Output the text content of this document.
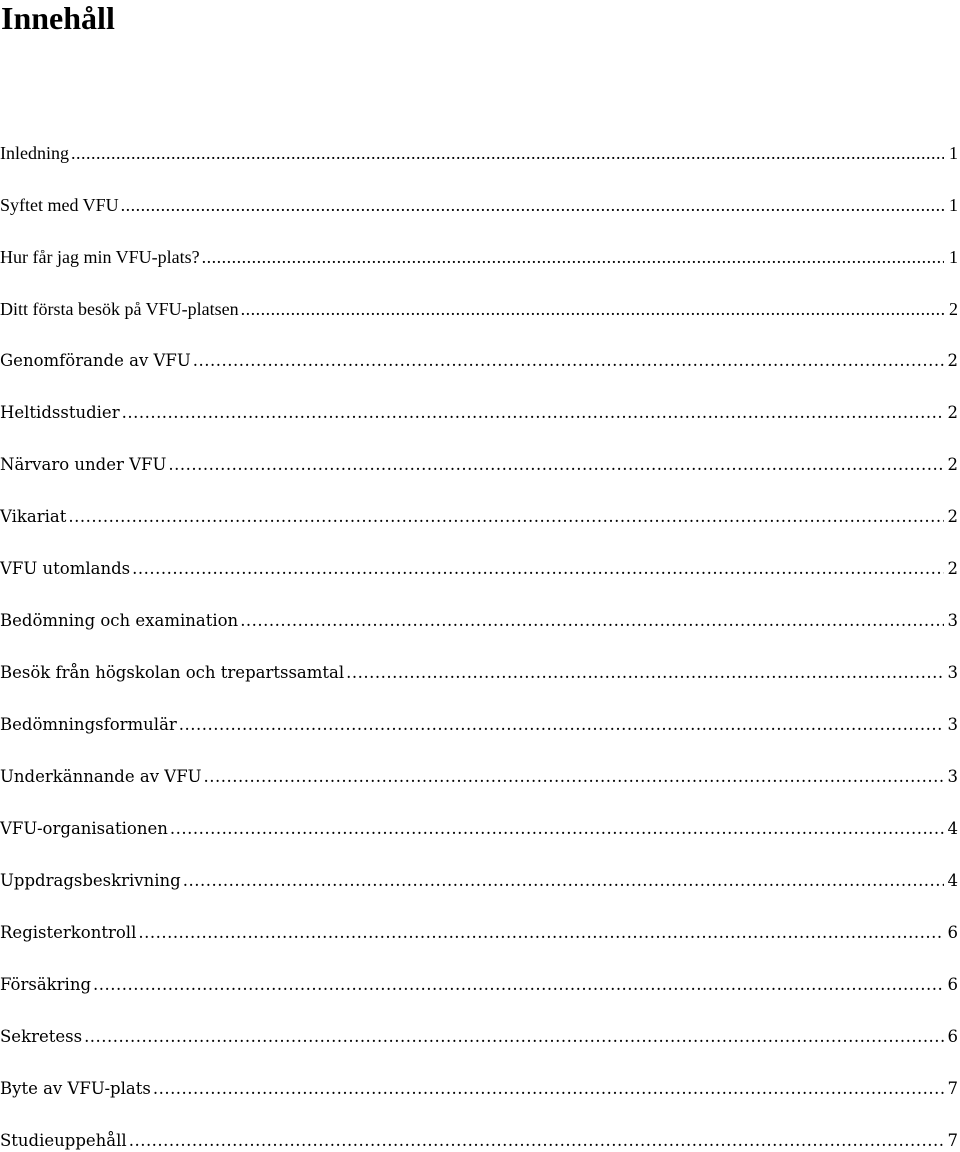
Innehåll
Inledning .....	1
Syftet med VFU .....	1
Hur får jag min VFU-plats? .....	1
Ditt första besök på VFU-platsen .....	2
Genomförande av VFU .....	2
Heltidsstudier .....	2
Närvaro under VFU .....	2
Vikariat .....	2
VFU utomlands .....	2
Bedömning och examination .....	3
Besök från högskolan och trepartssamtal .....	3
Bedömningsformulär .....	3
Underkännande av VFU .....	3
VFU-organisationen .....	4
Uppdragsbeskrivning .....	4
Registerkontroll .....	6
Försäkring .....	6
Sekretess .....	6
Byte av VFU-plats .....	7
Studieuppehåll .....	7
